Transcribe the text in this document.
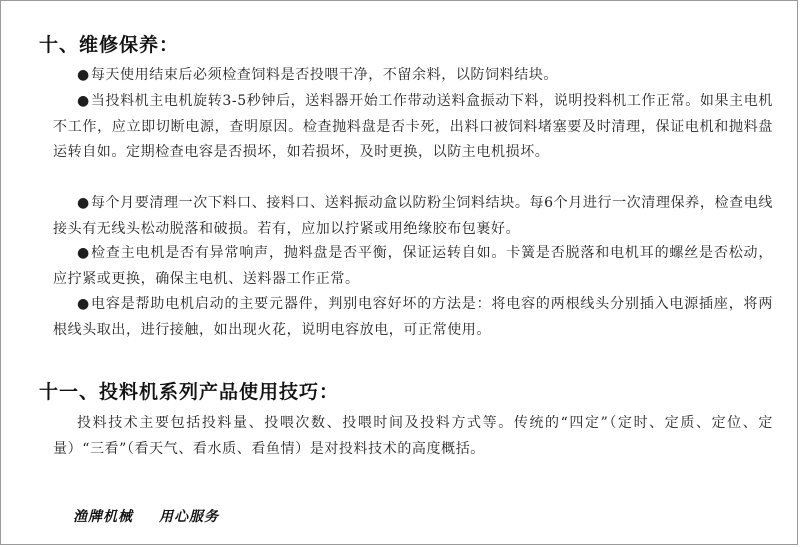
十、维修保养：

●每天使用结束后必须检查饲料是否投喂干净，不留余料，以防饲料结块。

●当投料机主电机旋转3-5秒钟后，送料器开始工作带动送料盒振动下料，说明投料机工作正常。如果主电机不工作，应立即切断电源，查明原因。检查抛料盘是否卡死，出料口被饲料堵塞要及时清理，保证电机和抛料盘运转自如。定期检查电容是否损坏，如若损坏，及时更换，以防主电机损坏。

●每个月要清理一次下料口、接料口、送料振动盒以防粉尘饲料结块。每6个月进行一次清理保养，检查电线接头有无线头松动脱落和破损。若有，应加以拧紧或用绝缘胶布包裹好。

●检查主电机是否有异常响声，抛料盘是否平衡，保证运转自如。卡簧是否脱落和电机耳的螺丝是否松动，应拧紧或更换，确保主电机、送料器工作正常。

●电容是帮助电机启动的主要元器件，判别电容好坏的方法是：将电容的两根线头分别插入电源插座，将两根线头取出，进行接触，如出现火花，说明电容放电，可正常使用。

十一、投料机系列产品使用技巧：

投料技术主要包括投料量、投喂次数、投喂时间及投料方式等。传统的“四定”（定时、定质、定位、定量）“三看”（看天气、看水质、看鱼情）是对投料技术的高度概括。

渔牌机械 用心服务
